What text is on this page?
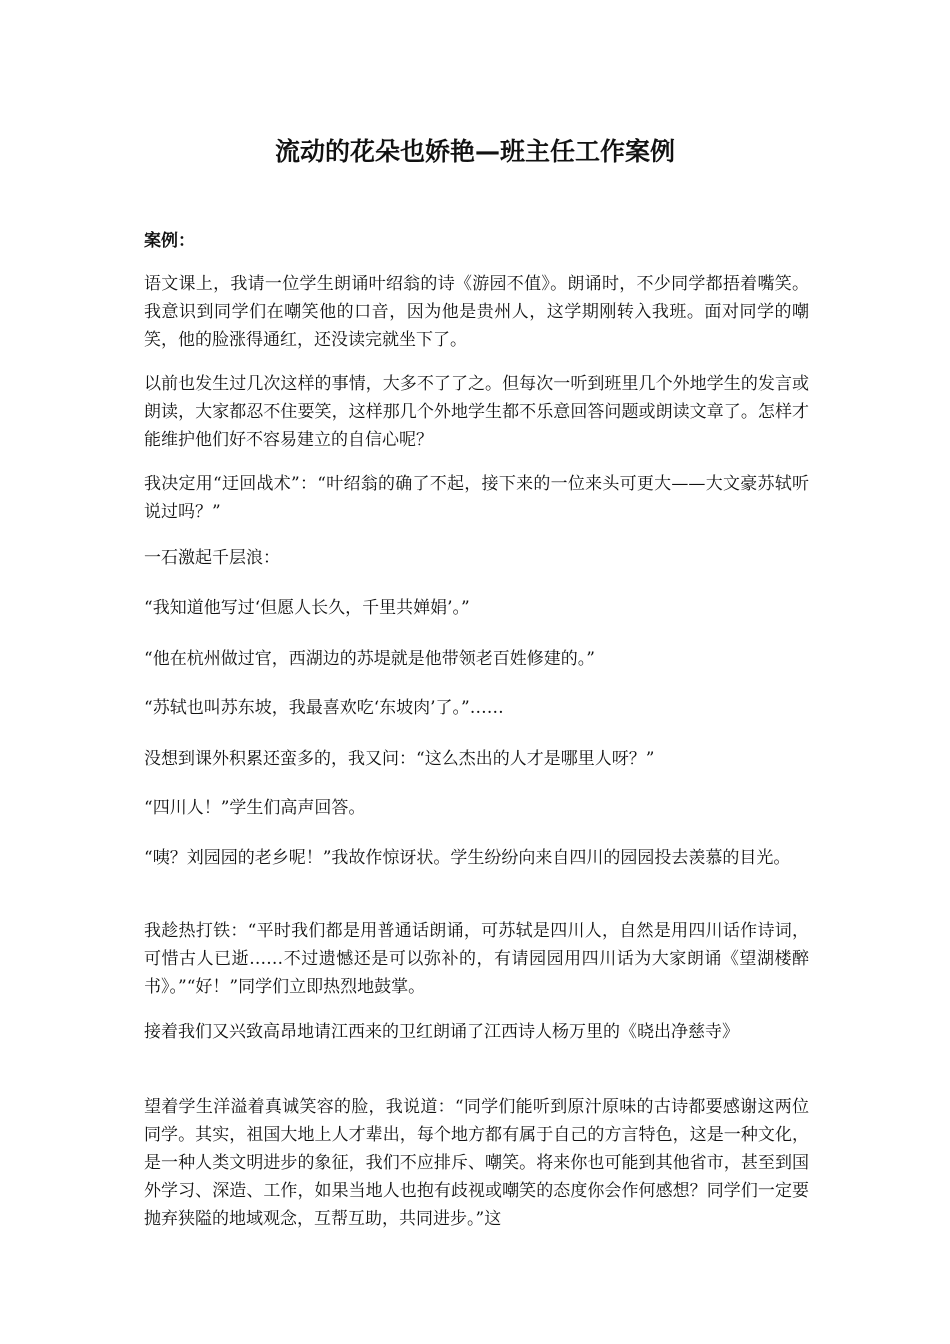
流动的花朵也娇艳—班主任工作案例
案例：

语文课上，我请一位学生朗诵叶绍翁的诗《游园不值》。朗诵时，不少同学都捂着嘴笑。我意识到同学们在嘲笑他的口音，因为他是贵州人，这学期刚转入我班。面对同学的嘲笑，他的脸涨得通红，还没读完就坐下了。

以前也发生过几次这样的事情，大多不了了之。但每次一听到班里几个外地学生的发言或朗读，大家都忍不住要笑，这样那几个外地学生都不乐意回答问题或朗读文章了。怎样才能维护他们好不容易建立的自信心呢？

我决定用“迂回战术”：“叶绍翁的确了不起，接下来的一位来头可更大——大文豪苏轼听说过吗？”

一石激起千层浪：

“我知道他写过‘但愿人长久，千里共婵娟’。”

“他在杭州做过官，西湖边的苏堤就是他带领老百姓修建的。”

“苏轼也叫苏东坡，我最喜欢吃‘东坡肉’了。”……

没想到课外积累还蛮多的，我又问：“这么杰出的人才是哪里人呀？”

“四川人！”学生们高声回答。

“咦？刘园园的老乡呢！”我故作惊讶状。学生纷纷向来自四川的园园投去羡慕的目光。

我趁热打铁：“平时我们都是用普通话朗诵，可苏轼是四川人，自然是用四川话作诗词，可惜古人已逝……不过遗憾还是可以弥补的，有请园园用四川话为大家朗诵《望湖楼醉书》。”“好！”同学们立即热烈地鼓掌。

接着我们又兴致高昂地请江西来的卫红朗诵了江西诗人杨万里的《晓出净慈寺》

望着学生洋溢着真诚笑容的脸，我说道：“同学们能听到原汁原味的古诗都要感谢这两位同学。其实，祖国大地上人才辈出，每个地方都有属于自己的方言特色，这是一种文化，是一种人类文明进步的象征，我们不应排斥、嘲笑。将来你也可能到其他省市，甚至到国外学习、深造、工作，如果当地人也抱有歧视或嘲笑的态度你会作何感想？同学们一定要抛弃狭隘的地域观念，互帮互助，共同进步。”这
